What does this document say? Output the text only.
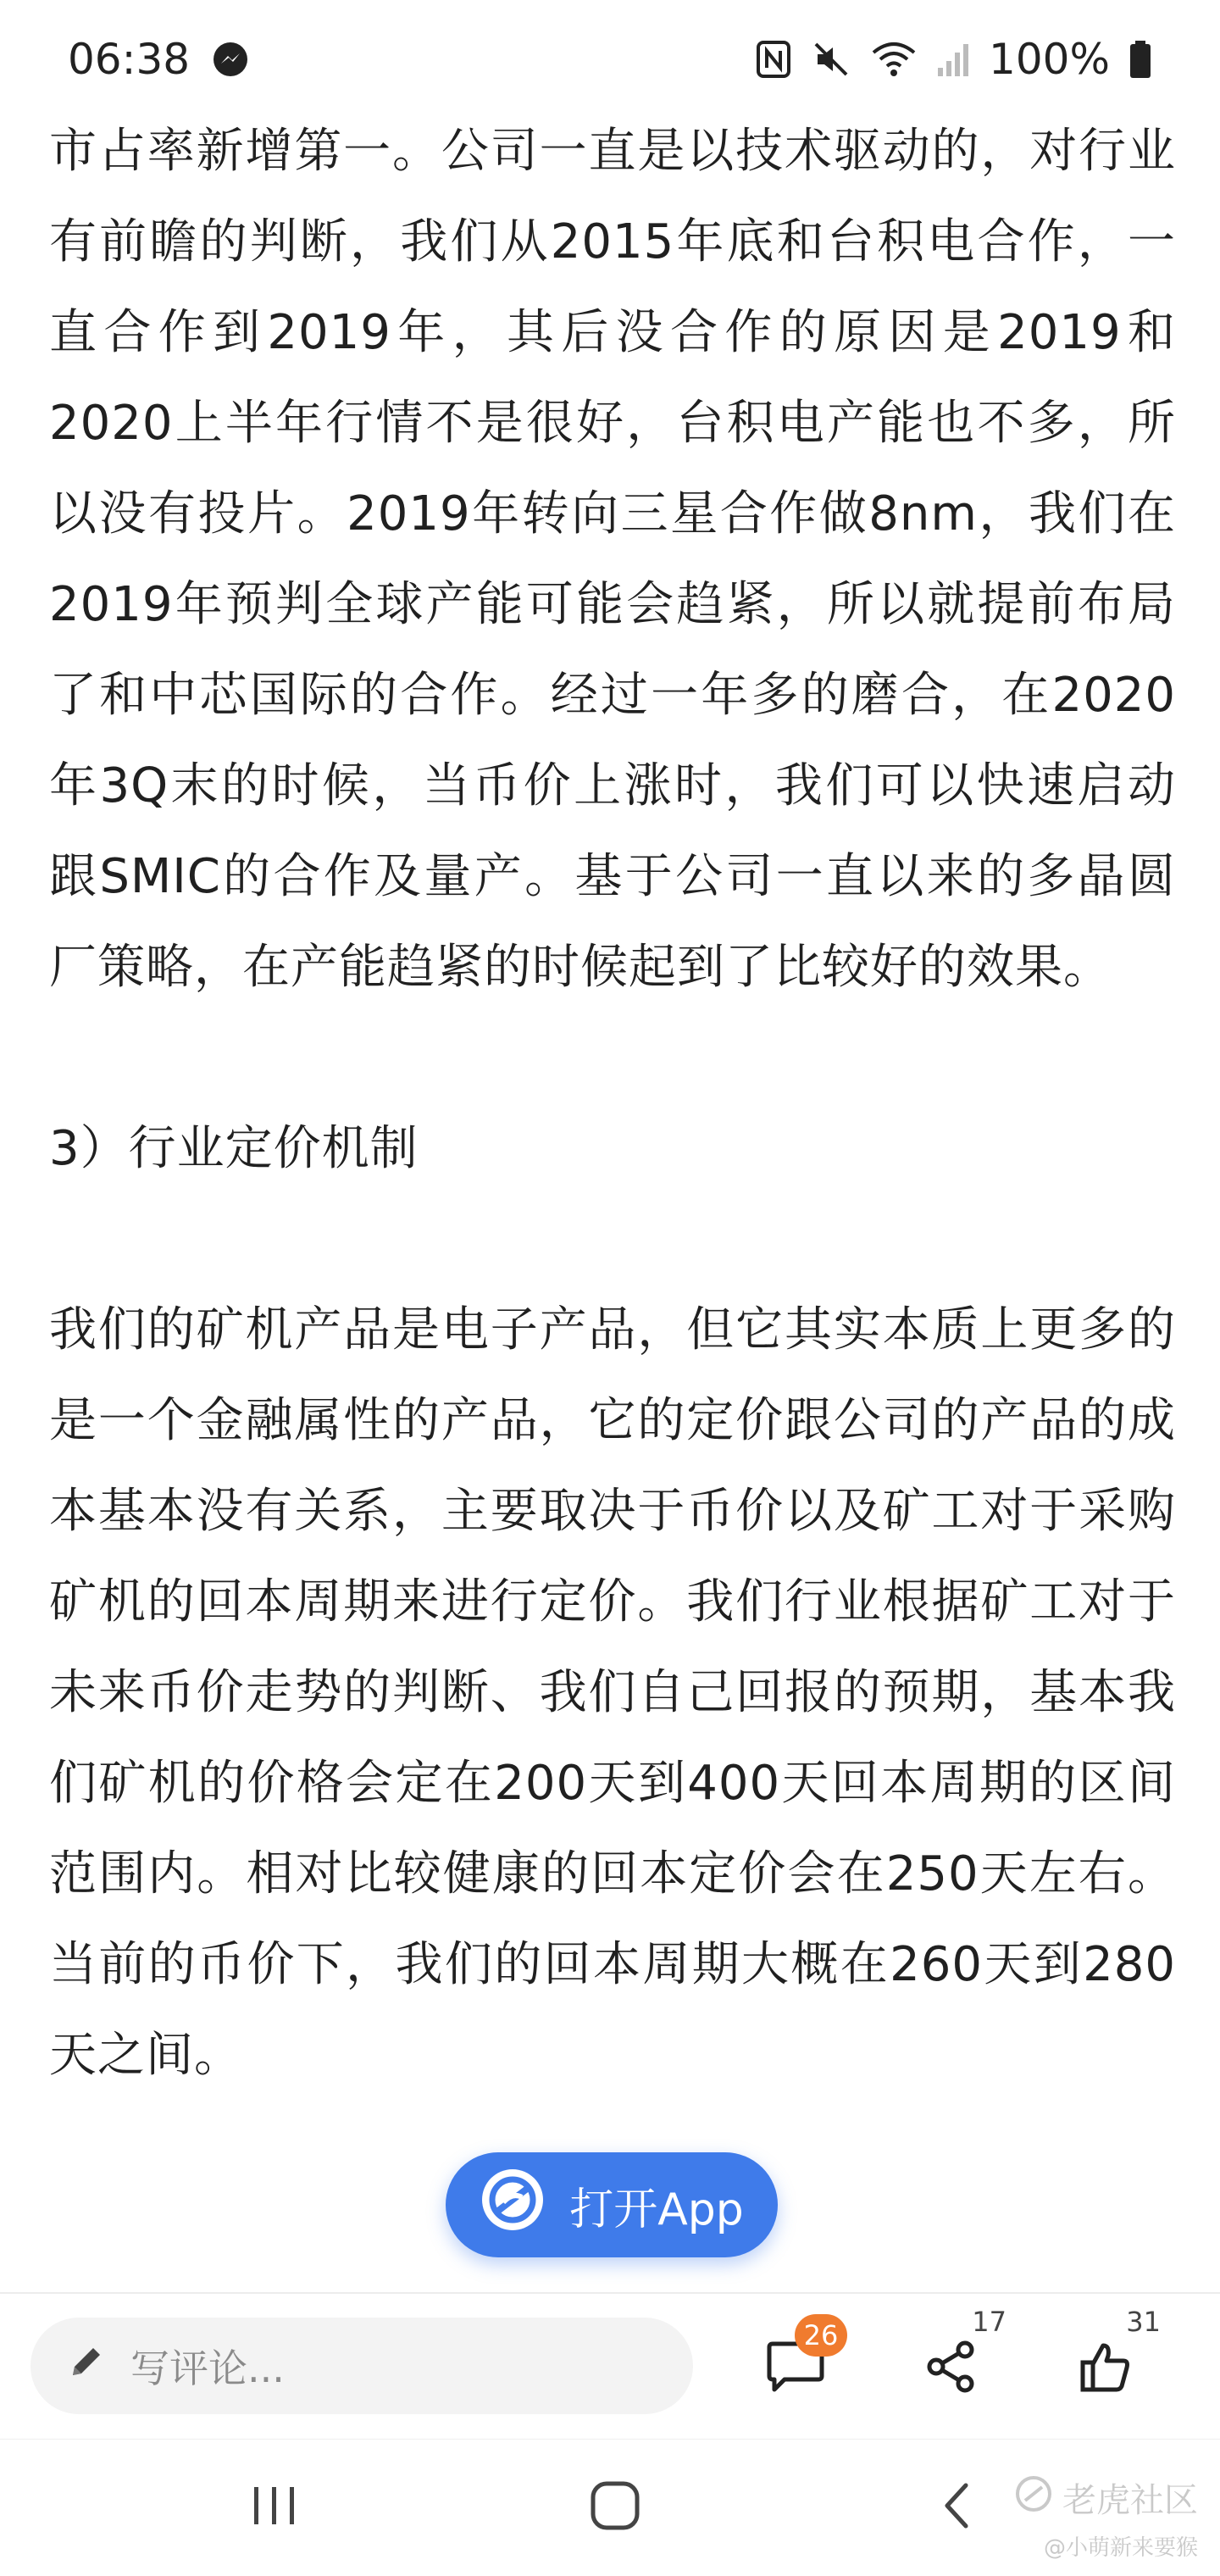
06:38	100%

市占率新增第一。公司一直是以技术驱动的，对行业有前瞻的判断，我们从2015年底和台积电合作，一直合作到2019年，其后没合作的原因是2019和2020上半年行情不是很好，台积电产能也不多，所以没有投片。2019年转向三星合作做8nm，我们在2019年预判全球产能可能会趋紧，所以就提前布局了和中芯国际的合作。经过一年多的磨合，在2020年3Q末的时候，当币价上涨时，我们可以快速启动跟SMIC的合作及量产。基于公司一直以来的多晶圆厂策略，在产能趋紧的时候起到了比较好的效果。

3）行业定价机制

我们的矿机产品是电子产品，但它其实本质上更多的是一个金融属性的产品，它的定价跟公司的产品的成本基本没有关系，主要取决于币价以及矿工对于采购矿机的回本周期来进行定价。我们行业根据矿工对于未来币价走势的判断、我们自己回报的预期，基本我们矿机的价格会定在200天到400天回本周期的区间范围内。相对比较健康的回本定价会在250天左右。当前的币价下，我们的回本周期大概在260天到280天之间。

打开App
写评论...
26	17	31
老虎社区
@小萌新来要猴
